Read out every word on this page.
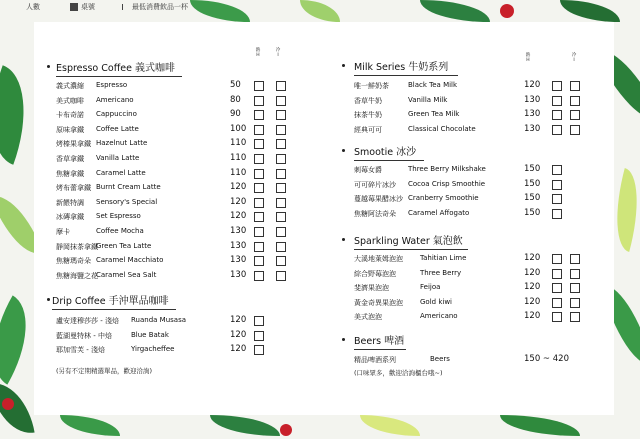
人數	桌號	最低消費飲品一杯
熱
H
冷
I
Espresso Coffee 義式咖啡
義式濃縮 Espresso	50
美式咖啡 Americano	80
卡布奇諾 Cappuccino	90
原味拿鐵 Coffee Latte	100
烤榛果拿鐵 Hazelnut Latte	110
香草拿鐵 Vanilla Latte	110
焦糖拿鐵 Caramel Latte	110
烤布蕾拿鐵 Burnt Cream Latte	120
新餵特調 Sensory's Special	120
冰磚拿鐵 Set Espresso	120
摩卡	Coffee Mocha	130
靜岡抹茶拿鐵
Green Tea Latte	130
焦糖瑪奇朵 Caramel Macchiato	130
焦糖海鹽之花
Caramel Sea Salt	130
Drip Coffee 手沖單品咖啡
盧安達穆莎莎 - 淺焙 Ruanda Musasa	120
藍湖曼特林 - 中焙	Blue Batak	120
耶加雪芙 - 淺焙	Yirgacheffee	120
(另有不定期精選單品，歡迎洽詢)
熱
H
冷
I
Milk Series 牛奶系列
唯一鮮奶茶	Black Tea Milk	120
香草牛奶	Vanilla Milk	130
抹茶牛奶	Green Tea Milk	130
經典可可	Classical Chocolate	130
Smootie 冰沙
刺莓女爵	Three Berry Milkshake	150
可可碎片冰沙 Cocoa Crisp Smoothie	150
蔓越莓果醋冰沙 Cranberry Smoothie	150
焦糖阿法奇朵 Caramel Affogato	150
Sparkling Water 氣泡飲
大溪地萊姆泡泡 Tahitian Lime	120
綜合野莓泡泡	Three Berry	120
斐濟果泡泡	Feijoa	120
黃金奇異果泡泡 Gold kiwi	120
美式泡泡	Americano	120
Beers 啤酒
精品啤酒系列	Beers	150 ~ 420
(口味眾多，歡迎洽詢櫃台哦~)
